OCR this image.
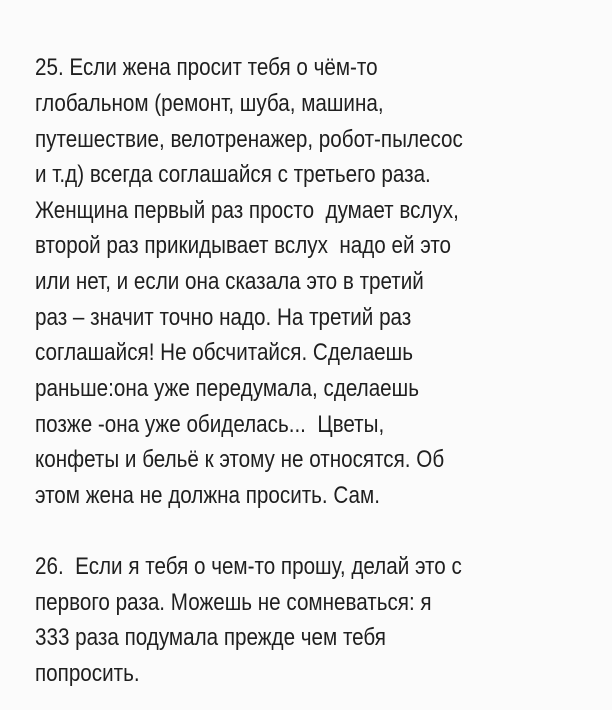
25. Если жена просит тебя о чём-то

глобальном (ремонт, шуба, машина,

путешествие, велотренажер, робот-пылесос

и т.д) всегда соглашайся с третьего раза.

Женщина первый раз просто  думает вслух,

второй раз прикидывает вслух  надо ей это

или нет, и если она сказала это в третий

раз – значит точно надо. На третий раз

соглашайся! Не обсчитайся. Сделаешь

раньше:она уже передумала, сделаешь

позже -она уже обиделась...  Цветы,

конфеты и бельё к этому не относятся. Об

этом жена не должна просить. Сам.

26.  Если я тебя о чем-то прошу, делай это с

первого раза. Можешь не сомневаться: я

333 раза подумала прежде чем тебя

попросить.
